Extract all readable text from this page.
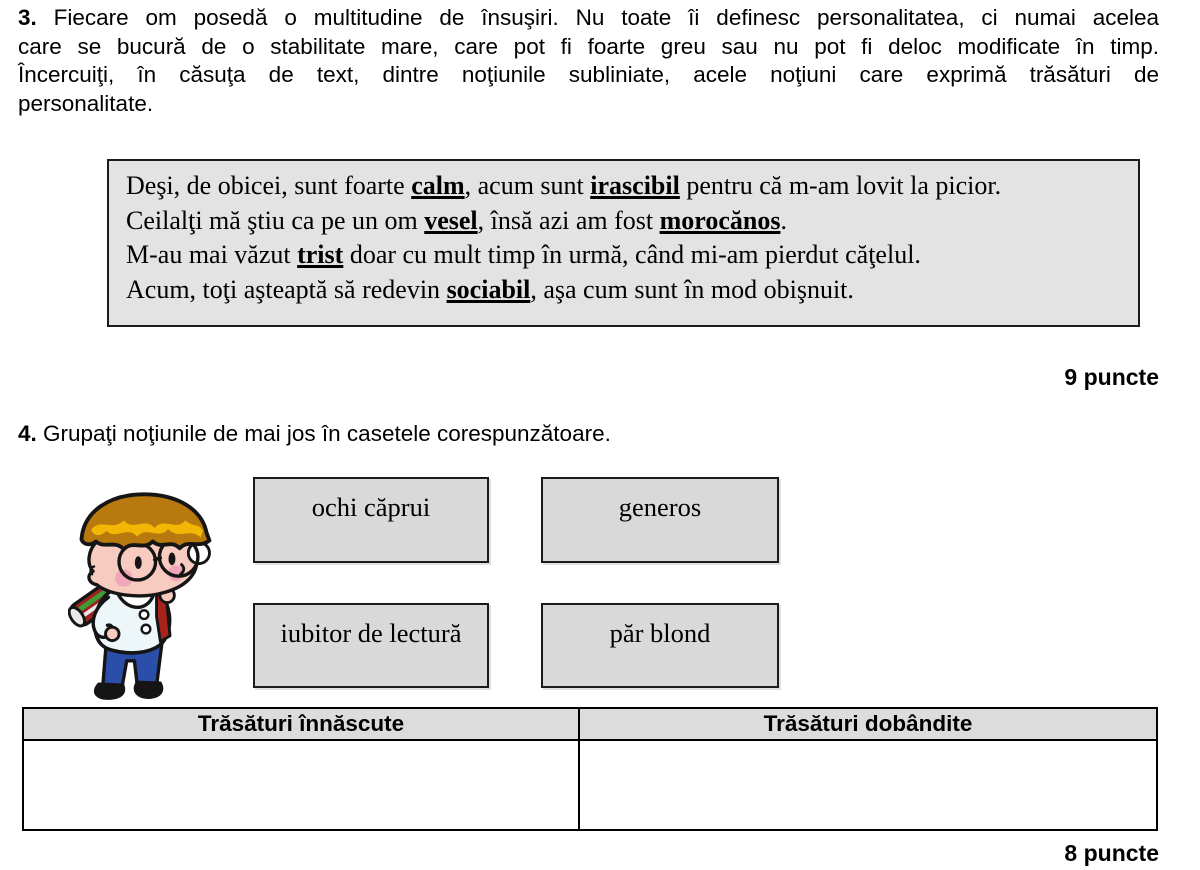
3. Fiecare om posedă o multitudine de însuşiri. Nu toate îi definesc personalitatea, ci numai acelea
care se bucură de o stabilitate mare, care pot fi foarte greu sau nu pot fi deloc modificate în timp.
Încercuiţi, în căsuţa de text, dintre noţiunile subliniate, acele noţiuni care exprimă trăsături de
personalitate.
Deşi, de obicei, sunt foarte calm, acum sunt irascibil pentru că m-am lovit la picior.
Ceilalţi mă ştiu ca pe un om vesel, însă azi am fost morocănos.
M-au mai văzut trist doar cu mult timp în urmă, când mi-am pierdut căţelul.
Acum, toţi aşteaptă să redevin sociabil, aşa cum sunt în mod obişnuit.
9 puncte
4. Grupaţi noţiunile de mai jos în casetele corespunzătoare.
ochi căprui	generos
iubitor de lectură	păr blond
Trăsături înnăscute	Trăsături dobândite
8 puncte
